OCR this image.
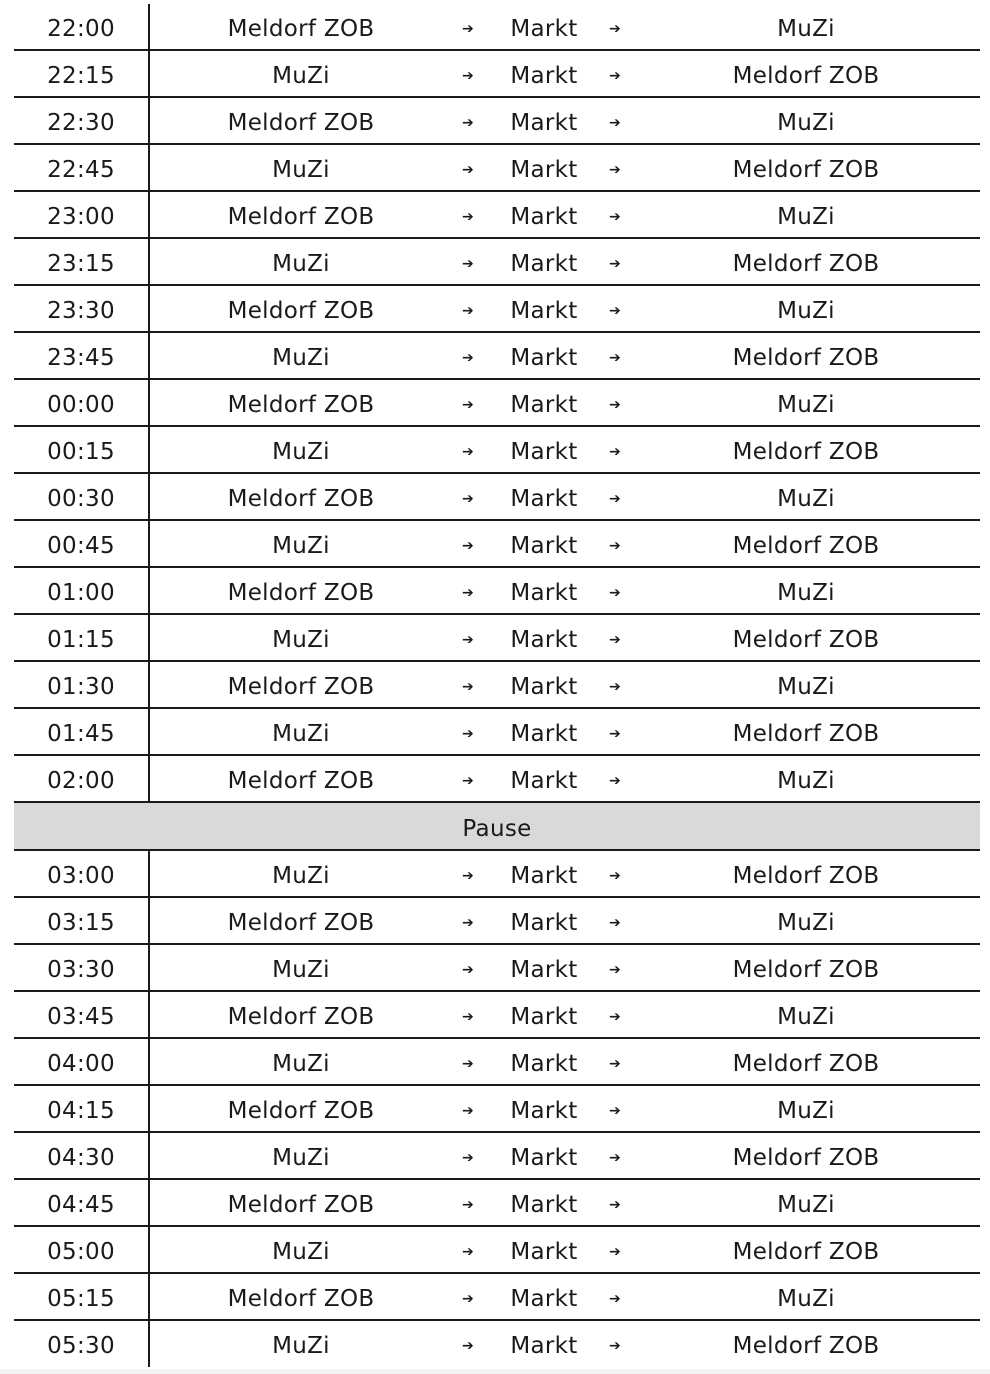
22:00	Meldorf ZOB	➔	Markt	➔	MuZi
22:15	MuZi	➔	Markt	➔	Meldorf ZOB
22:30	Meldorf ZOB	➔	Markt	➔	MuZi
22:45	MuZi	➔	Markt	➔	Meldorf ZOB
23:00	Meldorf ZOB	➔	Markt	➔	MuZi
23:15	MuZi	➔	Markt	➔	Meldorf ZOB
23:30	Meldorf ZOB	➔	Markt	➔	MuZi
23:45	MuZi	➔	Markt	➔	Meldorf ZOB
00:00	Meldorf ZOB	➔	Markt	➔	MuZi
00:15	MuZi	➔	Markt	➔	Meldorf ZOB
00:30	Meldorf ZOB	➔	Markt	➔	MuZi
00:45	MuZi	➔	Markt	➔	Meldorf ZOB
01:00	Meldorf ZOB	➔	Markt	➔	MuZi
01:15	MuZi	➔	Markt	➔	Meldorf ZOB
01:30	Meldorf ZOB	➔	Markt	➔	MuZi
01:45	MuZi	➔	Markt	➔	Meldorf ZOB
02:00	Meldorf ZOB	➔	Markt	➔	MuZi
Pause
03:00	MuZi	➔	Markt	➔	Meldorf ZOB
03:15	Meldorf ZOB	➔	Markt	➔	MuZi
03:30	MuZi	➔	Markt	➔	Meldorf ZOB
03:45	Meldorf ZOB	➔	Markt	➔	MuZi
04:00	MuZi	➔	Markt	➔	Meldorf ZOB
04:15	Meldorf ZOB	➔	Markt	➔	MuZi
04:30	MuZi	➔	Markt	➔	Meldorf ZOB
04:45	Meldorf ZOB	➔	Markt	➔	MuZi
05:00	MuZi	➔	Markt	➔	Meldorf ZOB
05:15	Meldorf ZOB	➔	Markt	➔	MuZi
05:30	MuZi	➔	Markt	➔	Meldorf ZOB
